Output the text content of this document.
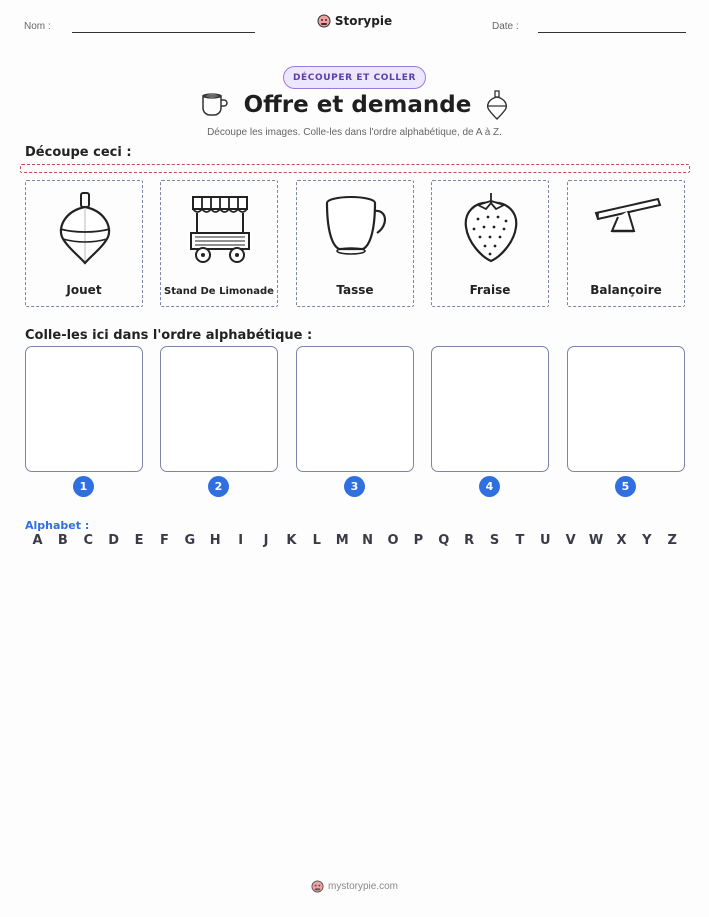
Nom :	Storypie	Date :
DÉCOUPER ET COLLER
Offre et demande
Découpe les images. Colle-les dans l'ordre alphabétique, de A à Z.
Découpe ceci :
Jouet	Stand De Limonade	Tasse	Fraise	Balançoire
Colle-les ici dans l'ordre alphabétique :
1	2	3	4	5
Alphabet :
A	B	C	D	E	F	G	H	I	J	K	L	M	N	O	P	Q	R	S	T	U	V	W	X	Y	Z
mystorypie.com
